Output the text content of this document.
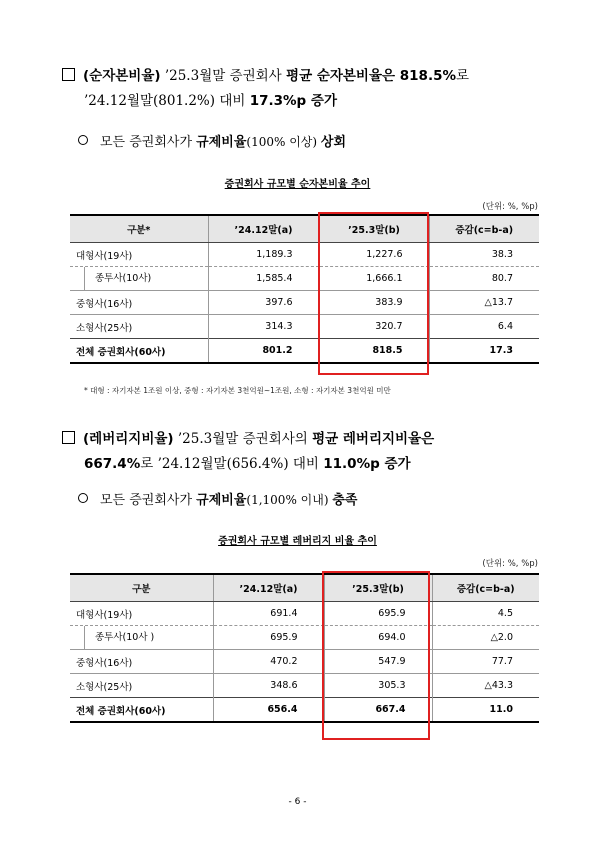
(순자본비율) ’25.3월말 증권회사 평균 순자본비율은 818.5%로
’24.12월말(801.2%) 대비 17.3%p 증가
모든 증권회사가 규제비율(100% 이상) 상회
증권회사 규모별 순자본비율 추이
(단위: %, %p)
구분*	’24.12말(a)	’25.3말(b)	증감(c=b-a)
대형사(19사)	1,189.3	1,227.6	38.3

종투사(10사)	1,585.4	1,666.1	80.7
중형사(16사)	397.6	383.9	△13.7
소형사(25사)	314.3	320.7	6.4
전체 증권회사(60사)	801.2	818.5	17.3
* 대형 : 자기자본 1조원 이상, 중형 : 자기자본 3천억원~1조원, 소형 : 자기자본 3천억원 미만
(레버리지비율) ’25.3월말 증권회사의 평균 레버리지비율은
667.4%로 ’24.12월말(656.4%) 대비 11.0%p 증가
모든 증권회사가 규제비율(1,100% 이내) 충족
증권회사 규모별 레버리지 비율 추이
(단위: %, %p)
구분	’24.12말(a)	’25.3말(b)	증감(c=b-a)
대형사(19사)	691.4	695.9	4.5

종투사(10사 )	695.9	694.0	△2.0
중형사(16사)	470.2	547.9	77.7
소형사(25사)	348.6	305.3	△43.3
전체 증권회사(60사)	656.4	667.4	11.0
- 6 -
